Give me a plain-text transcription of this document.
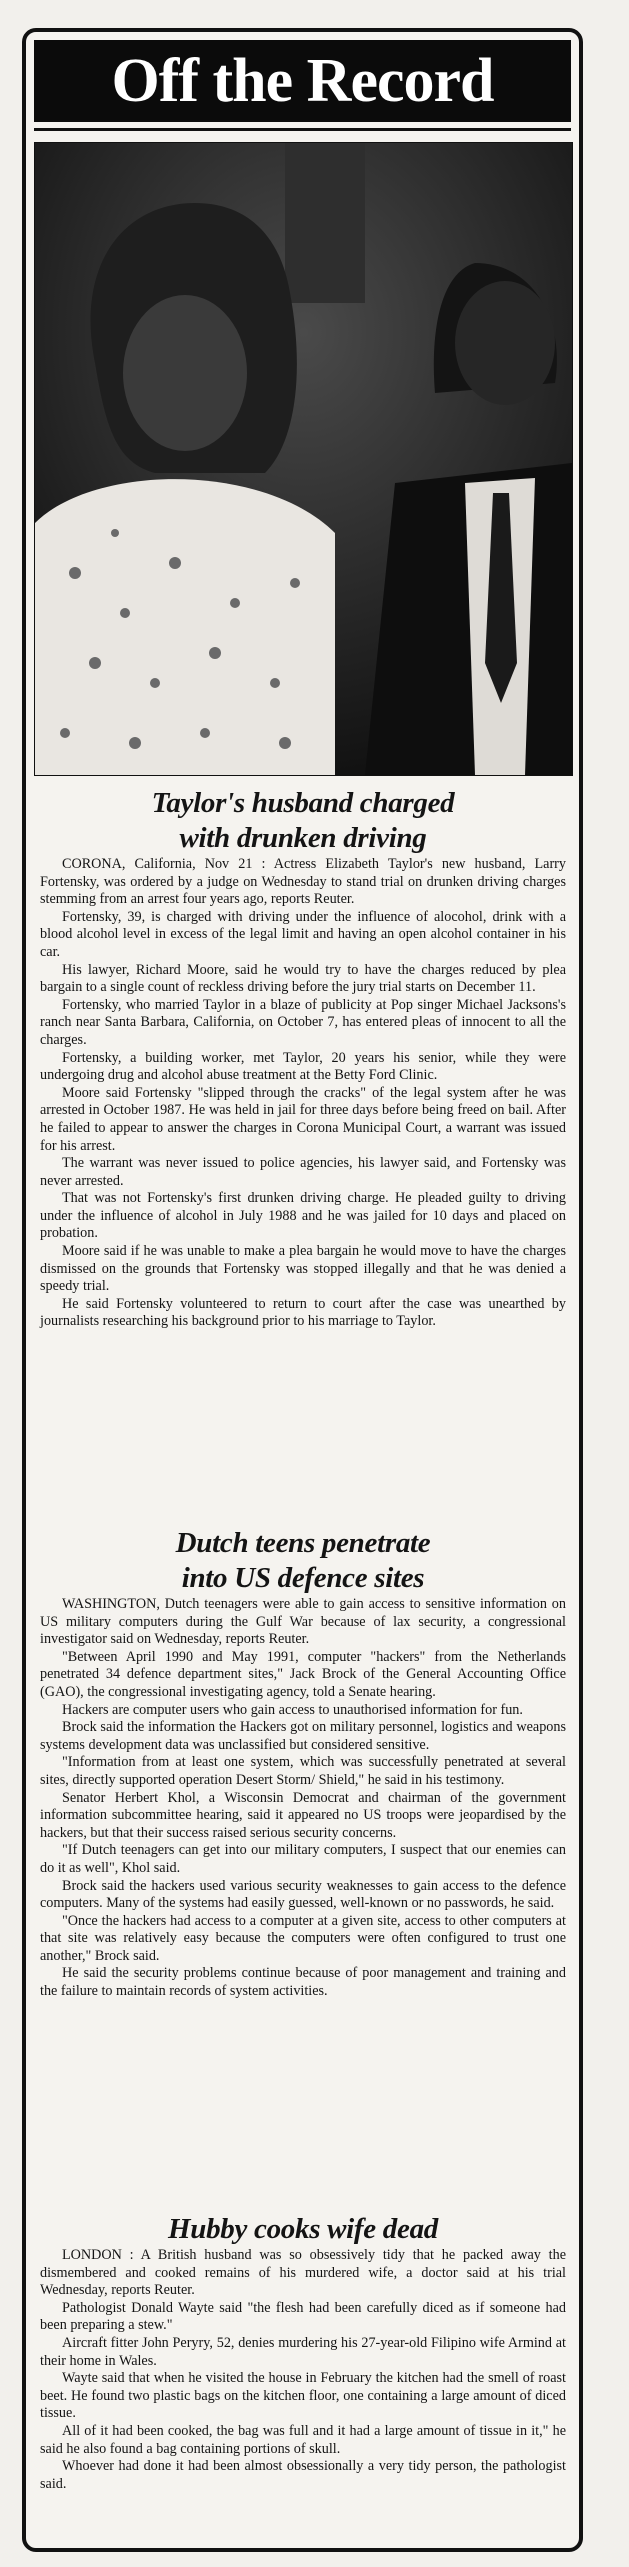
Off the Record
Taylor's husband charged
with drunken driving

CORONA, California, Nov 21 : Actress Elizabeth Taylor's new husband, Larry Fortensky, was ordered by a judge on Wednesday to stand trial on drunken driving charges stemming from an arrest four years ago, reports Reuter.

Fortensky, 39, is charged with driving under the influence of alocohol, drink with a blood alcohol level in excess of the legal limit and having an open alcohol container in his car.

His lawyer, Richard Moore, said he would try to have the charges reduced by plea bargain to a single count of reckless driving before the jury trial starts on December 11.

Fortensky, who married Taylor in a blaze of publicity at Pop singer Michael Jacksons's ranch near Santa Barbara, California, on October 7, has entered pleas of innocent to all the charges.

Fortensky, a building worker, met Taylor, 20 years his senior, while they were undergoing drug and alcohol abuse treatment at the Betty Ford Clinic.

Moore said Fortensky "slipped through the cracks" of the legal system after he was arrested in October 1987. He was held in jail for three days before being freed on bail. After he failed to appear to answer the charges in Corona Municipal Court, a warrant was issued for his arrest.

The warrant was never issued to police agencies, his lawyer said, and Fortensky was never arrested.

That was not Fortensky's first drunken driving charge. He pleaded guilty to driving under the influence of alcohol in July 1988 and he was jailed for 10 days and placed on probation.

Moore said if he was unable to make a plea bargain he would move to have the charges dismissed on the grounds that Fortensky was stopped illegally and that he was denied a speedy trial.

He said Fortensky volunteered to return to court after the case was unearthed by journalists researching his background prior to his marriage to Taylor.

Dutch teens penetrate
into US defence sites

WASHINGTON, Dutch teenagers were able to gain access to sensitive information on US military computers during the Gulf War because of lax security, a congressional investigator said on Wednesday, reports Reuter.

"Between April 1990 and May 1991, computer "hackers" from the Netherlands penetrated 34 defence department sites," Jack Brock of the General Accounting Office (GAO), the congressional investigating agency, told a Senate hearing.

Hackers are computer users who gain access to unauthorised information for fun.

Brock said the information the Hackers got on military personnel, logistics and weapons systems development data was unclassified but considered sensitive.

"Information from at least one system, which was successfully penetrated at several sites, directly supported operation Desert Storm/ Shield," he said in his testimony.

Senator Herbert Khol, a Wisconsin Democrat and chairman of the government information subcommittee hearing, said it appeared no US troops were jeopardised by the hackers, but that their success raised serious security concerns.

"If Dutch teenagers can get into our military computers, I suspect that our enemies can do it as well", Khol said.

Brock said the hackers used various security weaknesses to gain access to the defence computers. Many of the systems had easily guessed, well-known or no passwords, he said.

"Once the hackers had access to a computer at a given site, access to other computers at that site was relatively easy because the computers were often configured to trust one another," Brock said.

He said the security problems continue because of poor management and training and the failure to maintain records of system activities.

Hubby cooks wife dead

LONDON : A British husband was so obsessively tidy that he packed away the dismembered and cooked remains of his murdered wife, a doctor said at his trial Wednesday, reports Reuter.

Pathologist Donald Wayte said "the flesh had been carefully diced as if someone had been preparing a stew."

Aircraft fitter John Peryry, 52, denies murdering his 27-year-old Filipino wife Armind at their home in Wales.

Wayte said that when he visited the house in February the kitchen had the smell of roast beet. He found two plastic bags on the kitchen floor, one containing a large amount of diced tissue.

All of it had been cooked, the bag was full and it had a large amount of tissue in it," he said he also found a bag containing portions of skull.

Whoever had done it had been almost obsessionally a very tidy person, the pathologist said.
